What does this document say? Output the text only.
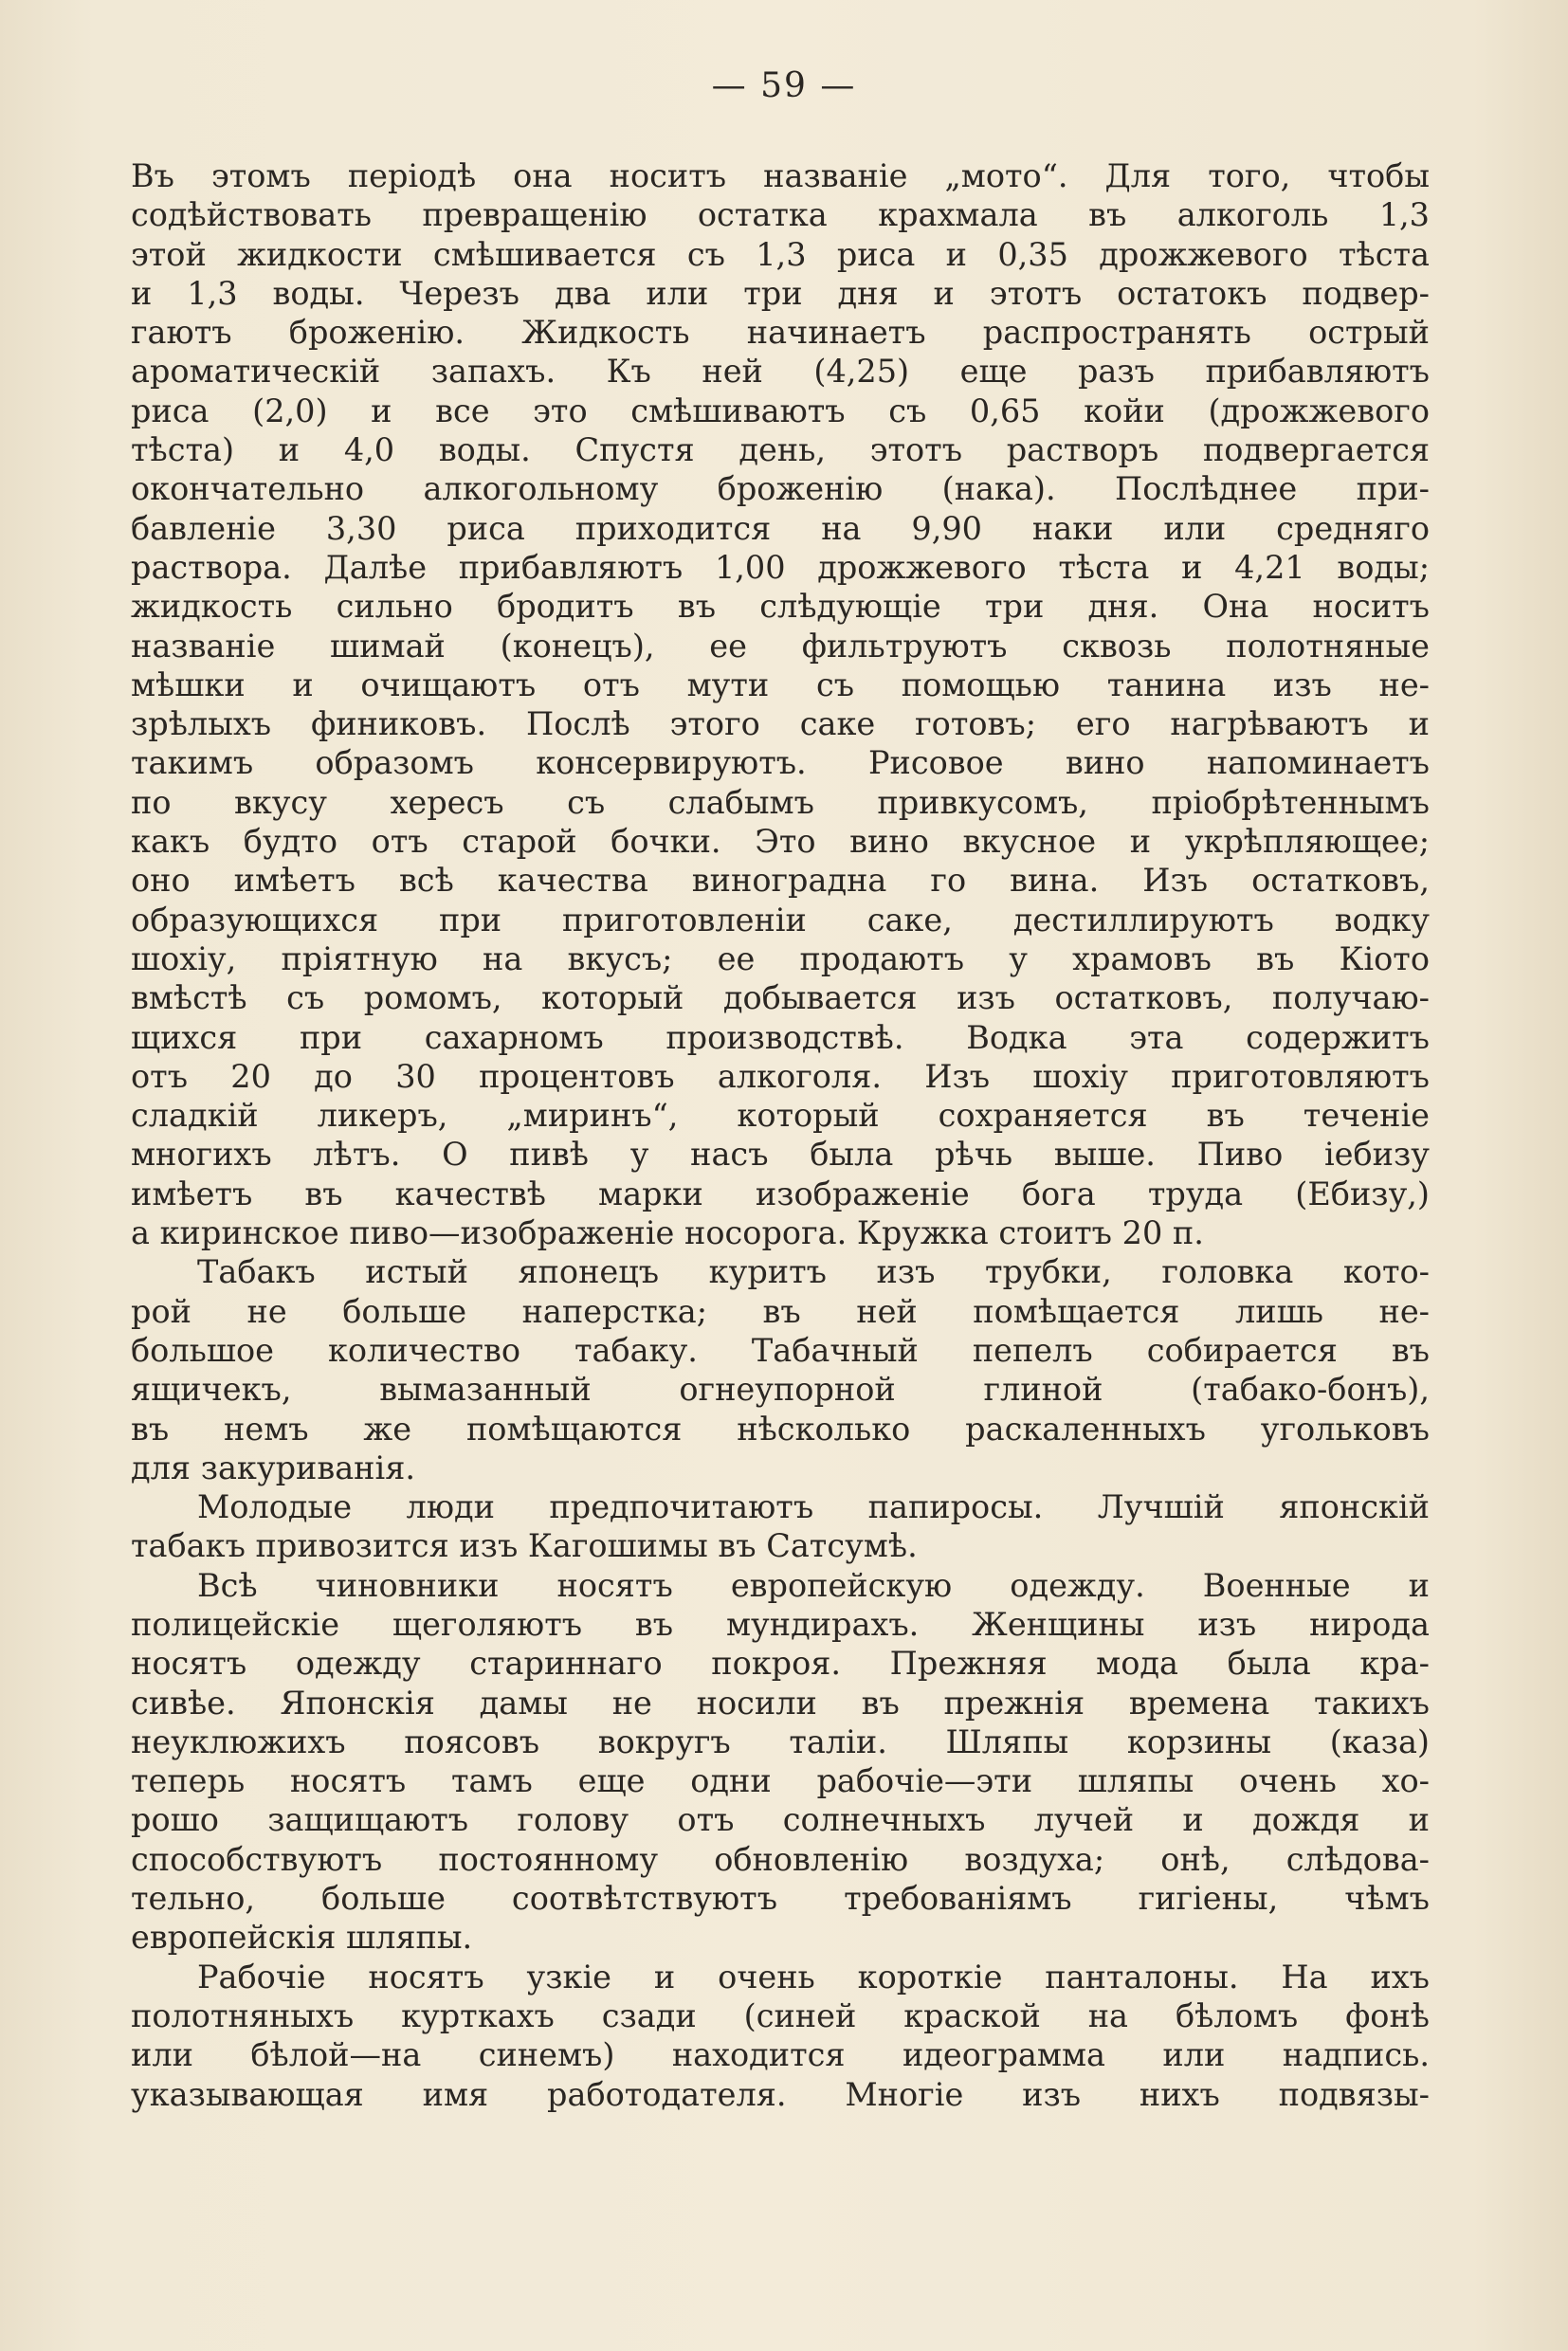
— 59 —

Въ этомъ періодѣ она носитъ названіе „мото“. Для того, чтобы
содѣйствовать превращенію остатка крахмала въ алкоголь 1,3
этой жидкости смѣшивается съ 1,3 риса и 0,35 дрожжевого тѣста
и 1,3 воды. Черезъ два или три дня и этотъ остатокъ подвер-
гаютъ броженію. Жидкость начинаетъ распространять острый
ароматическій запахъ. Къ ней (4,25) еще разъ прибавляютъ
риса (2,0) и все это смѣшиваютъ съ 0,65 койи (дрожжевого
тѣста) и 4,0 воды. Спустя день, этотъ растворъ подвергается
окончательно алкогольному броженію (нака). Послѣднее при-
бавленіе 3,30 риса приходится на 9,90 наки или средняго
раствора. Далѣе прибавляютъ 1,00 дрожжевого тѣста и 4,21 воды;
жидкость сильно бродитъ въ слѣдующіе три дня. Она носитъ
названіе шимай (конецъ), ее фильтруютъ сквозь полотняные
мѣшки и очищаютъ отъ мути съ помощью танина изъ не-
зрѣлыхъ финиковъ. Послѣ этого саке готовъ; его нагрѣваютъ и
такимъ образомъ консервируютъ. Рисовое вино напоминаетъ
по вкусу хересъ съ слабымъ привкусомъ, пріобрѣтеннымъ
какъ будто отъ старой бочки. Это вино вкусное и укрѣпляющее;
оно имѣетъ всѣ качества виноградна го вина. Изъ остатковъ,
образующихся при приготовленіи саке, дестиллируютъ водку
шохіу, пріятную на вкусъ; ее продаютъ у храмовъ въ Кіото
вмѣстѣ съ ромомъ, который добывается изъ остатковъ, получаю-
щихся при сахарномъ производствѣ. Водка эта содержитъ
отъ 20 до 30 процентовъ алкоголя. Изъ шохіу приготовляютъ
сладкій ликеръ, „миринъ“, который сохраняется въ теченіе
многихъ лѣтъ. О пивѣ у насъ была рѣчь выше. Пиво іебизу
имѣетъ въ качествѣ марки изображеніе бога труда (Ебизу,)
а киринское пиво—изображеніе носорога. Кружка стоитъ 20 п.

Табакъ истый японецъ куритъ изъ трубки, головка кото-
рой не больше наперстка; въ ней помѣщается лишь не-
большое количество табаку. Табачный пепелъ собирается въ
ящичекъ, вымазанный огнеупорной глиной (табако-бонъ),
въ немъ же помѣщаются нѣсколько раскаленныхъ угольковъ
для закуриванія.

Молодые люди предпочитаютъ папиросы. Лучшій японскій
табакъ привозится изъ Кагошимы въ Сатсумѣ.

Всѣ чиновники носятъ европейскую одежду. Военные и
полицейскіе щеголяютъ въ мундирахъ. Женщины изъ нирода
носятъ одежду стариннаго покроя. Прежняя мода была кра-
сивѣе. Японскія дамы не носили въ прежнія времена такихъ
неуклюжихъ поясовъ вокругъ таліи. Шляпы корзины (каза)
теперь носятъ тамъ еще одни рабочіе—эти шляпы очень хо-
рошо защищаютъ голову отъ солнечныхъ лучей и дождя и
способствуютъ постоянному обновленію воздуха; онѣ, слѣдова-
тельно, больше соотвѣтствуютъ требованіямъ гигіены, чѣмъ
европейскія шляпы.

Рабочіе носятъ узкіе и очень короткіе панталоны. На ихъ
полотняныхъ курткахъ сзади (синей краской на бѣломъ фонѣ
или бѣлой—на синемъ) находится идеограмма или надпись.
указывающая имя работодателя. Многіе изъ нихъ подвязы-
